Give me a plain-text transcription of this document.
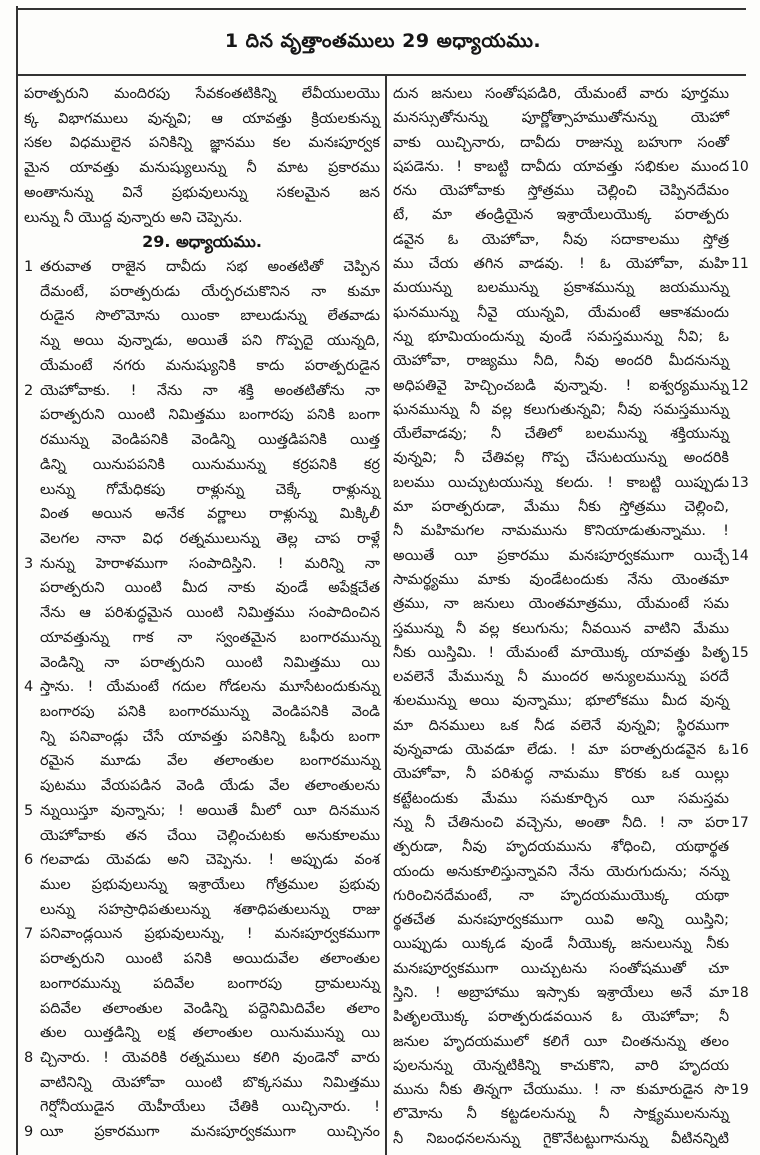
1 దిన వృత్తాంతములు 29 అధ్యాయము.
పరాత్పరుని మందిరపు సేవకంతటికిన్ని లేవీయులయొ
క్క విభాగములు వున్నవి; ఆ యావత్తు క్రియలకున్ను
సకల విధములైన పనికిన్ని జ్ఞానము కల మనఃపూర్వక
మైన యావత్తు మనుష్యులున్ను నీ మాట ప్రకారము
అంతానున్ను వినే ప్రభువులున్ను సకలమైన జన
లున్ను నీ యొద్ద వున్నారు అని చెప్పెను.
29. అధ్యాయము.
1 తరువాత రాజైన దావీదు సభ అంతటితో చెప్పిన
దేమంటే, పరాత్పరుడు యేర్పరచుకొనిన నా కుమా
రుడైన సొలొమోను యింకా బాలుడున్ను లేతవాడు
న్ను అయి వున్నాడు, అయితే పని గొప్పదై యున్నది,
యేమంటే నగరు మనుష్యునికి కాదు పరాత్పరుడైన
2 యెహోవాకు. ! నేను నా శక్తి అంతటితోను నా
పరాత్పరుని యింటి నిమిత్తము బంగారపు పనికి బంగా
రమున్ను వెండిపనికి వెండిన్ని యిత్తడిపనికి యిత్త
డిన్ని యినుపపనికి యినుమున్ను కర్రపనికి కర్ర
లున్ను గోమేధికపు రాళ్లున్ను చెక్కే రాళ్లున్ను
వింత అయిన అనేక వర్ణాలు రాళ్లున్ను మిక్కిలీ
వెలగల నానా విధ రత్నములున్ను తెల్ల చాప రాళ్లే
3 నున్ను హెరాళముగా సంపాదిస్తిని. ! మరిన్ని నా
పరాత్పరుని యింటి మీద నాకు వుండే అపేక్షచేత
నేను ఆ పరిశుద్ధమైన యింటి నిమిత్తము సంపాదించిన
యావత్తున్ను గాక నా స్వంతమైన బంగారమున్ను
వెండిన్ని నా పరాత్పరుని యింటి నిమిత్తము యి
4 స్తాను. ! యేమంటే గదుల గోడలను మూసేటందుకున్ను
బంగారపు పనికి బంగారమున్ను వెండిపనికి వెండి
న్ని పనివాండ్లు చేసే యావత్తు పనికిన్ని ఓఫీరు బంగా
రమైన మూడు వేల తలాంతుల బంగారమున్ను
పుటము వేయపడిన వెండి యేడు వేల తలాంతులను
5 న్నుయిస్తూ వున్నాను; ! అయితే మీలో యీ దినమున
యెహోవాకు తన చేయి చెల్లించుటకు అనుకూలము
6 గలవాడు యెవడు అని చెప్పెను. ! అప్పుడు వంశ
ముల ప్రభువులున్ను ఇశ్రాయేలు గోత్రముల ప్రభువు
లున్ను సహస్రాధిపతులున్ను శతాధిపతులున్ను రాజు
7 పనివాండ్లయిన ప్రభువులున్ను, ! మనఃపూర్వకముగా
పరాత్పరుని యింటి పనికి అయిదువేల తలాంతుల
బంగారమున్ను పదివేల బంగారపు ద్రామలున్ను
పదివేల తలాంతుల వెండిన్ని పద్దెనిమిదివేల తలాం
తుల యిత్తడిన్ని లక్ష తలాంతుల యినుమున్ను యి
8 చ్చినారు. ! యెవరికి రత్నములు కలిగి వుండెనో వారు
వాటినిన్ని యెహోవా యింటి బొక్కసము నిమిత్తము
గెర్షోనీయుడైన యెహీయేలు చేతికి యిచ్చినారు. !
9 యీ ప్రకారముగా మనఃపూర్వకముగా యిచ్చినం
దున జనులు సంతోషపడిరి, యేమంటే వారు పూర్తము
మనస్సుతోనున్ను పూర్ణోత్సాహముతోనున్ను యెహో
వాకు యిచ్చినారు, దావీదు రాజున్ను బహుగా సంతో
షపడెను. ! కాబట్టి దావీదు యావత్తు సభికుల ముంద 10
రను యెహోవాకు స్తోత్రము చెల్లించి చెప్పినదేమం
టే, మా తండ్రియైన ఇశ్రాయేలుయొక్క పరాత్పరు
డవైన ఓ యెహోవా, నీవు సదాకాలము స్తోత్ర
ము చేయ తగిన వాడవు. ! ఓ యెహోవా, మహి 11
మయున్ను బలమున్ను ప్రకాశమున్ను జయమున్ను
ఘనమున్ను నీవై యున్నవి, యేమంటే ఆకాశమందు
న్ను భూమియందున్ను వుండే సమస్తమున్ను నీవి; ఓ
యెహోవా, రాజ్యము నీది, నీవు అందరి మీదనున్ను
అధిపతివై హెచ్చించబడి వున్నావు. ! ఐశ్వర్యమున్ను 12
ఘనమున్ను నీ వల్ల కలుగుతున్నవి; నీవు సమస్తమున్ను
యేలేవాడవు; నీ చేతిలో బలమున్ను శక్తియున్ను
వున్నవి; నీ చేతివల్ల గొప్ప చేసుటయున్ను అందరికి
బలము యిచ్చుటయున్ను కలదు. ! కాబట్టి యిప్పుడు 13
మా పరాత్పరుడా, మేము నీకు స్తోత్రము చెల్లించి,
నీ మహిమగల నామమును కొనియాడుతున్నాము. !
అయితే యీ ప్రకారము మనఃపూర్వకముగా యిచ్చే 14
సామర్థ్యము మాకు వుండేటందుకు నేను యెంతమా
త్రము, నా జనులు యెంతమాత్రము, యేమంటే సమ
స్తమున్ను నీ వల్ల కలుగును; నీవయిన వాటిని మేము
నీకు యిస్తిమి. ! యేమంటే మాయొక్క యావత్తు పితృ 15
లవలెనే మేమున్ను నీ ముందర అన్యులమున్ను పరదే
శులమున్ను అయి వున్నాము; భూలోకము మీద వున్న
మా దినములు ఒక నీడ వలెనే వున్నవి; స్థిరముగా
వున్నవాడు యెవడూ లేడు. ! మా పరాత్పరుడవైన ఓ 16
యెహోవా, నీ పరిశుద్ధ నామము కొరకు ఒక యిల్లు
కట్టేటందుకు మేము సమకూర్చిన యీ సమస్తమ
న్ను నీ చేతినుంచి వచ్చెను, అంతా నీది. ! నా పరా 17
త్పరుడా, నీవు హృదయమును శోధించి, యథార్థత
యందు అనుకూలిస్తున్నావని నేను యెరుగుదును; నన్ను
గురించినదేమంటే, నా హృదయముయొక్క యథా
ర్థతచేత మనఃపూర్వకముగా యివి అన్ని యిస్తిని;
యిప్పుడు యిక్కడ వుండే నీయొక్క జనులున్ను నీకు
మనఃపూర్వకముగా యిచ్చుటను సంతోషముతో చూ
స్తిని. ! అబ్రాహాము ఇస్సాకు ఇశ్రాయేలు అనే మా 18
పితృలయొక్క పరాత్పరుడవయిన ఓ యెహోవా; నీ
జనుల హృదయములో కలిగే యీ చింతనున్ను తలం
పులనున్ను యెన్నటికిన్ని కాచుకొని, వారి హృదయ
మును నీకు తిన్నగా చేయుము. ! నా కుమారుడైన సొ 19
లొమోను నీ కట్టడలనున్ను నీ సాక్ష్యములనున్ను
నీ నిబంధనలనున్ను గైకొనేటట్టుగానున్ను వీటినన్నిటి
